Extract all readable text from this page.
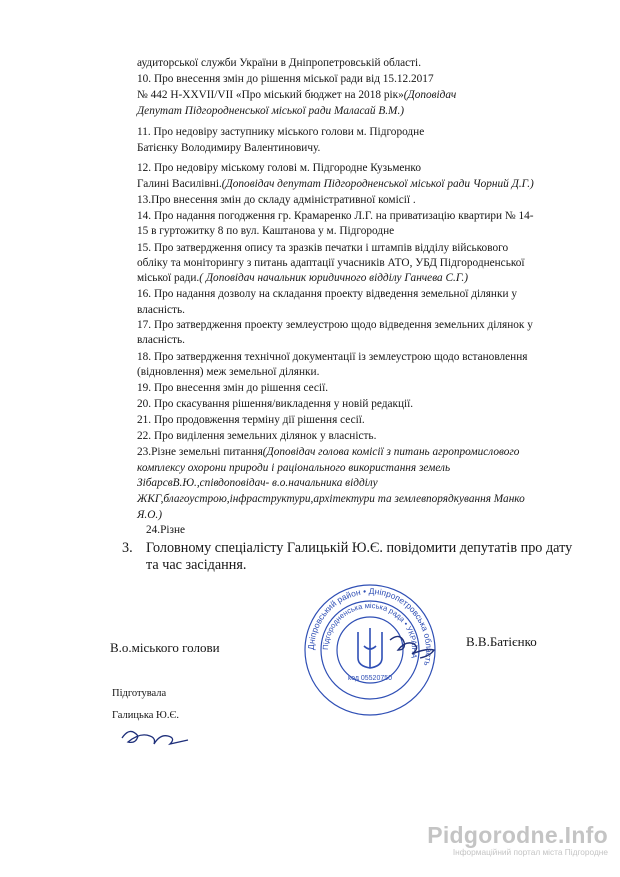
аудиторської служби України в Дніпропетровській області.
10. Про внесення змін до рішення міської ради від 15.12.2017
№ 442 Н-ХХVII/VII «Про міський бюджет на 2018 рік»(Доповідач
Депутат Підгородненської міської ради Малaсай В.М.)
11. Про недовіру заступнику міського голови м. Підгородне
Батієнку Володимиру Валентиновичу.
12. Про недовіру міському голові м. Підгородне Кузьменко
Галині Василівні.(Доповідач депутат Підгородненської міської ради Чорний Д.Г.)
13.Про внесення змін до складу адміністративної комісії .
14. Про надання погодження гр. Крамаренко Л.Г. на приватизацію квартири № 14-
15 в гуртожитку 8 по вул. Каштанова у м. Підгородне
15. Про затвердження опису та зразків печатки і штампів відділу військового
обліку та моніторингу з питань адаптації учасників АТО, УБД Підгородненської
міської ради.( Доповідач начальник юридичного відділу Ганчева С.Г.)
16. Про надання дозволу на складання проекту відведення земельної ділянки у
власність.
17. Про затвердження проекту землеустрою щодо відведення земельних ділянок у
власність.
18. Про затвердження технічної документації із землеустрою щодо встановлення
(відновлення) меж земельної ділянки.
19. Про внесення змін до рішення сесії.
20. Про скасування рішення/викладення у новій редакції.
21. Про продовження терміну дії рішення сесії.
22. Про виділення земельних ділянок у власність.
23.Різне земельні питання(Доповідач голова комісії з питань агропромислового
комплексу охорони природи і раціонального використання земель
ЗібарсвВ.Ю.,співдоповідач- в.о.начальника відділу
ЖКГ,благоустрою,інфраструктури,архітектури та землевпорядкування Манко
Я.О.)
24.Різне
3. Головному спеціалісту Галицькій Ю.Є. повідомити депутатів про дату
та час засідання.
В.о.міського голови	В.В.Батієнко
Дніпровський район • Дніпропетровська область
Підгородненська міська рада • УКРАЇНА
код 05520750
Підготувала
Галицька Ю.Є.
Pidgorodne.Info
Інформаційний портал міста Підгородне
